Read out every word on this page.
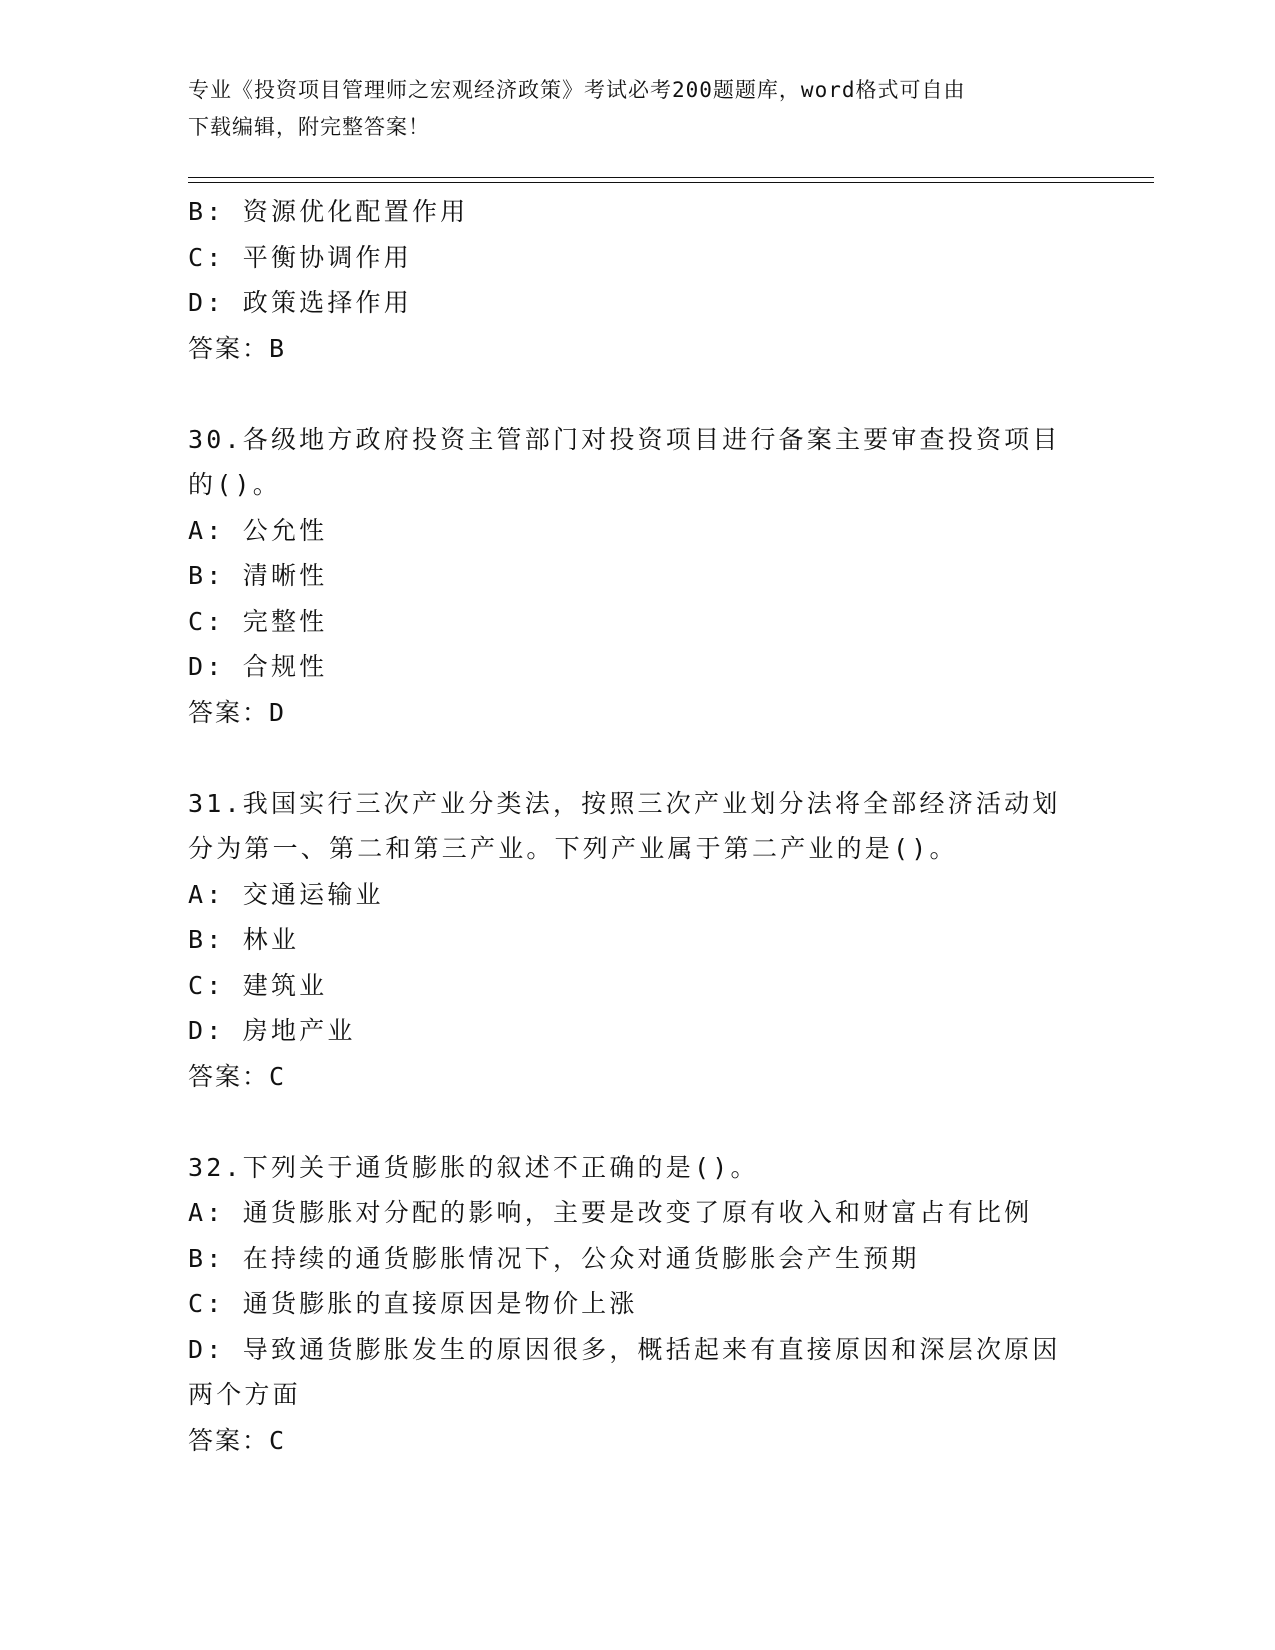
专业《投资项目管理师之宏观经济政策》考试必考200题题库，word格式可自由
下载编辑，附完整答案！
B: 资源优化配置作用
C: 平衡协调作用
D: 政策选择作用
答案：B
30.各级地方政府投资主管部门对投资项目进行备案主要审查投资项目
的()。
A: 公允性
B: 清晰性
C: 完整性
D: 合规性
答案：D
31.我国实行三次产业分类法，按照三次产业划分法将全部经济活动划
分为第一、第二和第三产业。下列产业属于第二产业的是()。
A: 交通运输业
B: 林业
C: 建筑业
D: 房地产业
答案：C
32.下列关于通货膨胀的叙述不正确的是()。
A: 通货膨胀对分配的影响，主要是改变了原有收入和财富占有比例
B: 在持续的通货膨胀情况下，公众对通货膨胀会产生预期
C: 通货膨胀的直接原因是物价上涨
D: 导致通货膨胀发生的原因很多，概括起来有直接原因和深层次原因
两个方面
答案：C
